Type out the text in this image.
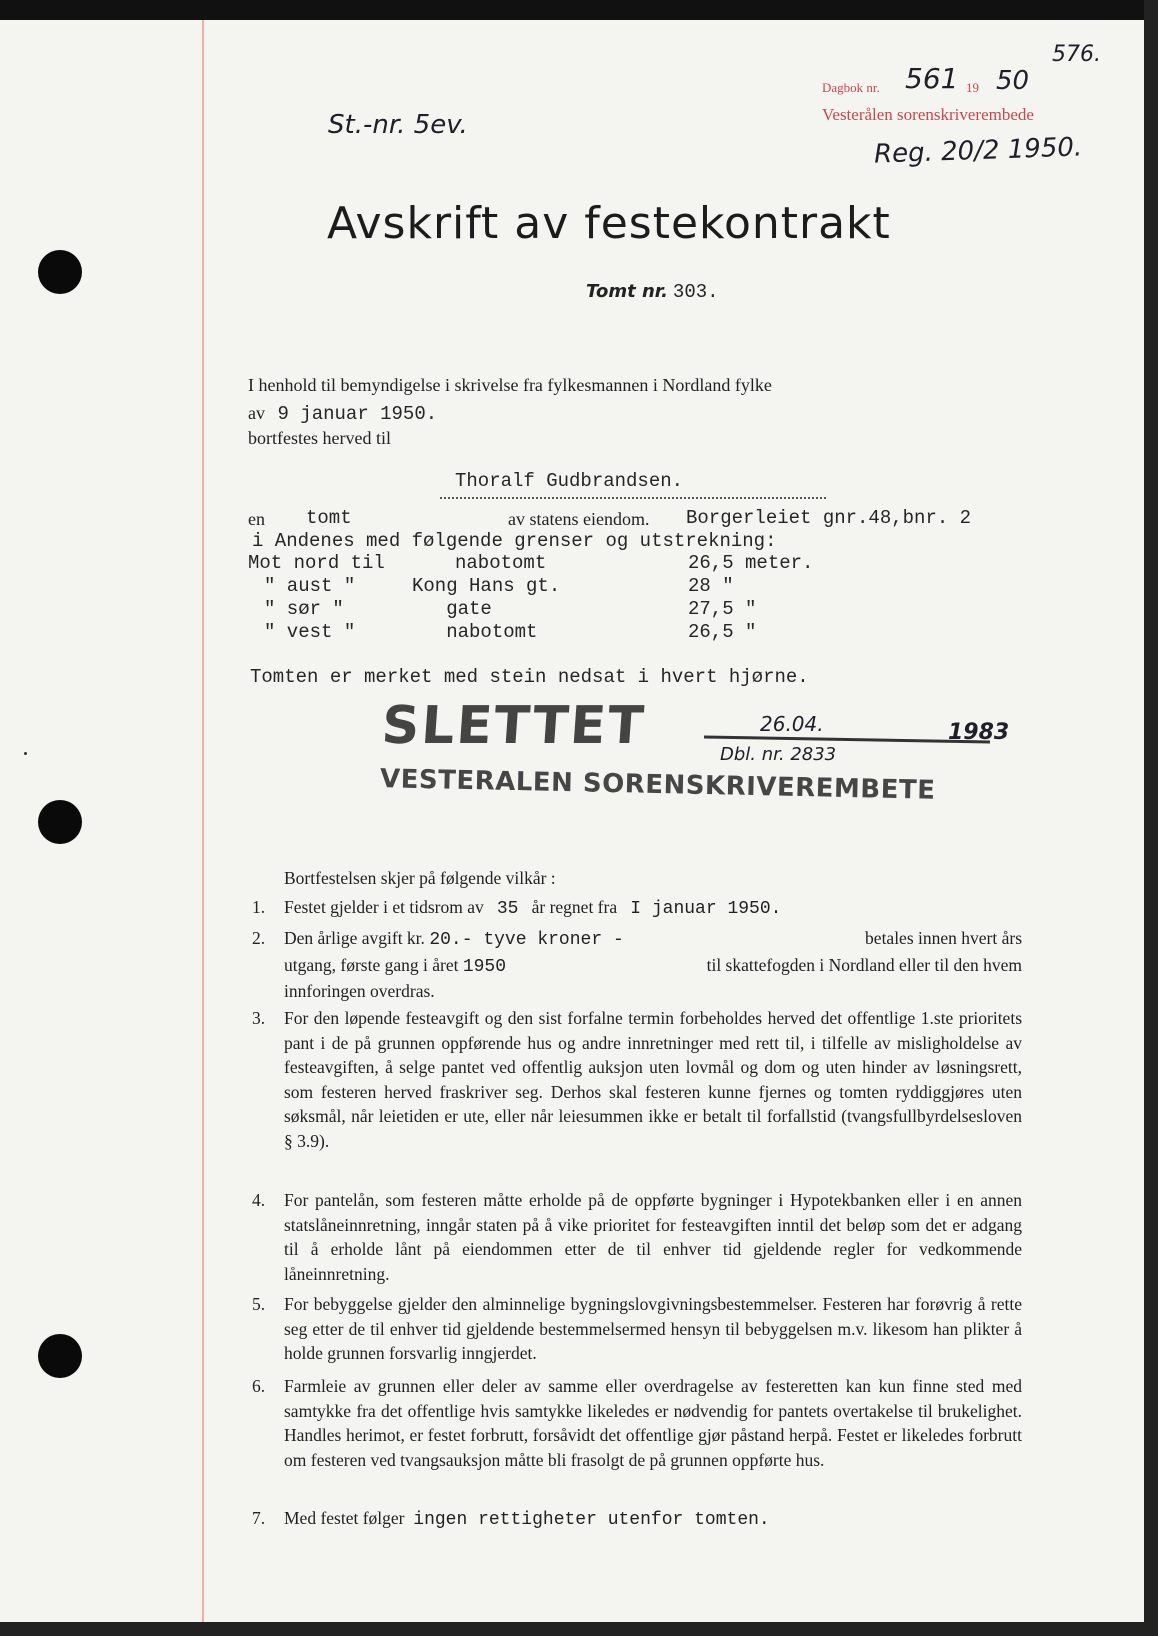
576.
Dagbok nr. 561 19 50
Vesterålen sorenskriverembede
Reg. 20/2 1950.
St.-nr. 5ev.
Avskrift av festekontrakt
Tomt nr. 303.
I henhold til bemyndigelse i skrivelse fra fylkesmannen i Nordland fylke
av 9 januar 1950.
bortfestes herved til
Thoralf Gudbrandsen.
en tomt	av statens eiendom. Borgerleiet gnr.48,bnr. 2
i Andenes med følgende grenser og utstrekning:
Mot nord til	nabotomt	26,5 meter.
" aust "	Kong Hans gt.	28 "
" sør "	gate	27,5 "
" vest "	nabotomt	26,5 "
Tomten er merket med stein nedsat i hvert hjørne.
SLETTET	26.04.	1983
Dbl. nr. 2833
VESTERALEN SORENSKRIVEREMBETE
Bortfestelsen skjer på følgende vilkår :
1.	Festet gjelder i et tidsrom av 35 år regnet fra I januar 1950.
2.	Den årlige avgift kr. 20.- tyve kroner -	betales innen hvert års
utgang, første gang i året 1950	til skattefogden i Nordland eller til den hvem
innforingen overdras.
3.	For den løpende festeavgift og den sist forfalne termin forbeholdes herved det offentlige 1.ste prioritets pant i de på grunnen oppførende hus og andre innretninger med rett til, i tilfelle av misligholdelse av festeavgiften, å selge pantet ved offentlig auksjon uten lovmål og dom og uten hinder av løsningsrett, som festeren herved fraskriver seg. Derhos skal festeren kunne fjernes og tomten ryddiggjøres uten søksmål, når leietiden er ute, eller når leiesummen ikke er betalt til forfallstid (tvangsfullbyrdelsesloven § 3.9).
4.	For pantelån, som festeren måtte erholde på de oppførte bygninger i Hypotekbanken eller i en annen statslåneinnretning, inngår staten på å vike prioritet for festeavgiften inntil det beløp som det er adgang til å erholde lånt på eiendommen etter de til enhver tid gjeldende regler for vedkommende låneinnretning.
5.	For bebyggelse gjelder den alminnelige bygningslovgivningsbestemmelser. Festeren har forøvrig å rette seg etter de til enhver tid gjeldende bestemmelsermed hensyn til bebyggelsen m.v. likesom han plikter å holde grunnen forsvarlig inngjerdet.
6.	Farmleie av grunnen eller deler av samme eller overdragelse av festeretten kan kun finne sted med samtykke fra det offentlige hvis samtykke likeledes er nødvendig for pantets overtakelse til brukelighet. Handles herimot, er festet forbrutt, forsåvidt det offentlige gjør påstand herpå. Festet er likeledes forbrutt om festeren ved tvangsauksjon måtte bli frasolgt de på grunnen oppførte hus.
7.	Med festet følger ingen rettigheter utenfor tomten.
